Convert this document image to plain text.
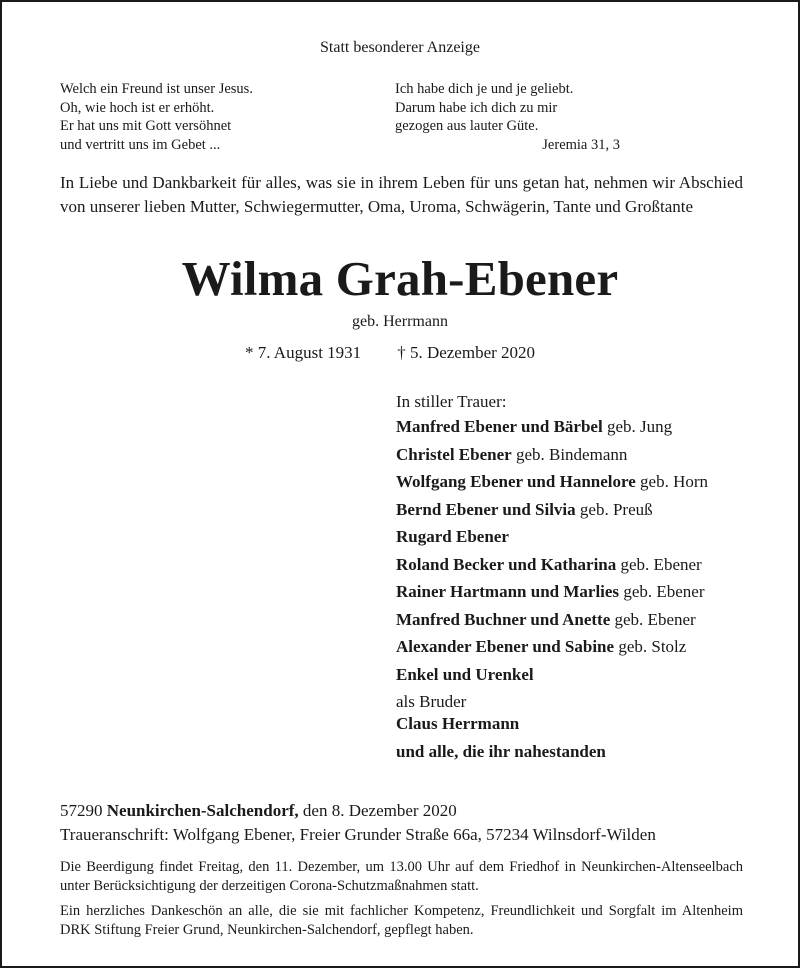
Statt besonderer Anzeige
Welch ein Freund ist unser Jesus.
Oh, wie hoch ist er erhöht.
Er hat uns mit Gott versöhnet
und vertritt uns im Gebet ...
Ich habe dich je und je geliebt.
Darum habe ich dich zu mir
gezogen aus lauter Güte.
Jeremia 31, 3
In Liebe und Dankbarkeit für alles, was sie in ihrem Leben für uns getan hat, nehmen wir Abschied von unserer lieben Mutter, Schwiegermutter, Oma, Uroma, Schwägerin, Tante und Großtante
Wilma Grah-Ebener
geb. Herrmann
* 7. August 1931 † 5. Dezember 2020
In stiller Trauer:
Manfred Ebener und Bärbel geb. Jung
Christel Ebener geb. Bindemann
Wolfgang Ebener und Hannelore geb. Horn
Bernd Ebener und Silvia geb. Preuß
Rugard Ebener
Roland Becker und Katharina geb. Ebener
Rainer Hartmann und Marlies geb. Ebener
Manfred Buchner und Anette geb. Ebener
Alexander Ebener und Sabine geb. Stolz
Enkel und Urenkel
als Bruder
Claus Herrmann
und alle, die ihr nahestanden
57290 Neunkirchen-Salchendorf, den 8. Dezember 2020
Traueranschrift: Wolfgang Ebener, Freier Grunder Straße 66a, 57234 Wilnsdorf-Wilden

Die Beerdigung findet Freitag, den 11. Dezember, um 13.00 Uhr auf dem Friedhof in Neunkirchen-Altenseelbach unter Berücksichtigung der derzeitigen Corona-Schutzmaßnahmen statt.

Ein herzliches Dankeschön an alle, die sie mit fachlicher Kompetenz, Freundlichkeit und Sorgfalt im Altenheim DRK Stiftung Freier Grund, Neunkirchen-Salchendorf, gepflegt haben.
